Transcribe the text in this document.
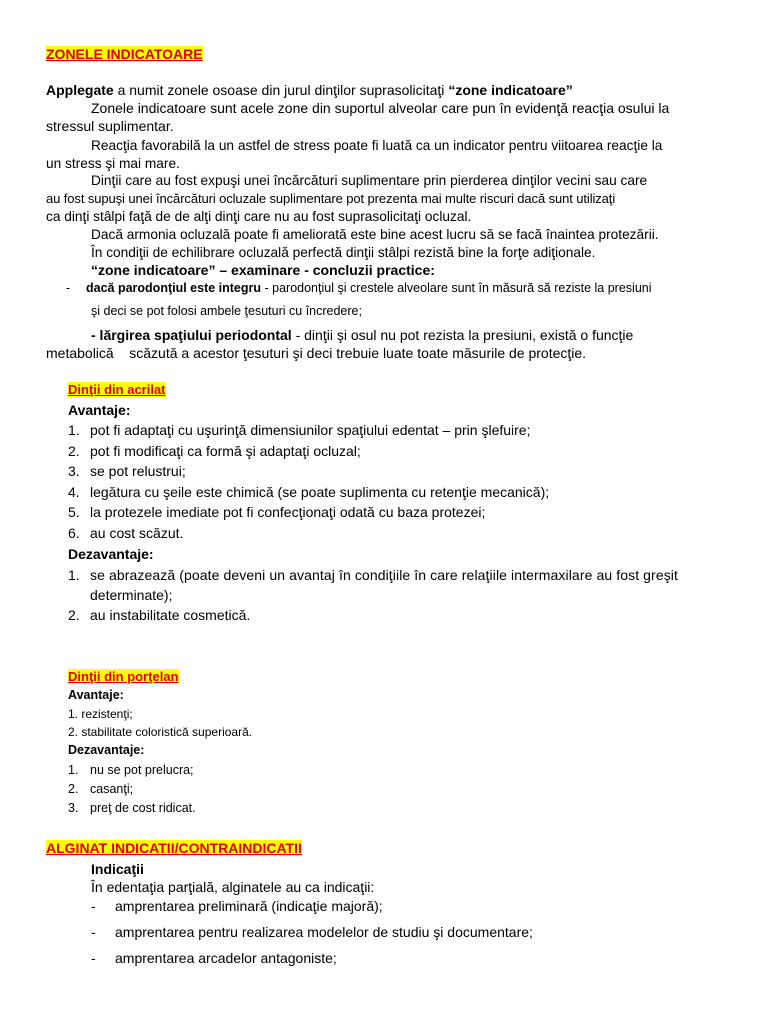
ZONELE INDICATOARE
Applegate a numit zonele osoase din jurul dinţilor suprasolicitaţi “zone indicatoare”
Zonele indicatoare sunt acele zone din suportul alveolar care pun în evidenţă reacţia osului la
stressul suplimentar.
Reacţia favorabilă la un astfel de stress poate fi luată ca un indicator pentru viitoarea reacţie la
un stress şi mai mare.
Dinţii care au fost expuşi unei încărcături suplimentare prin pierderea dinţilor vecini sau care
au fost supuşi unei încărcături ocluzale suplimentare pot prezenta mai multe riscuri dacă sunt utilizaţi
ca dinţi stâlpi faţă de de alţi dinţi care nu au fost suprasolicitaţi ocluzal.
Dacă armonia ocluzală poate fi ameliorată este bine acest lucru să se facă înaintea protezării.
În condiţii de echilibrare ocluzală perfectă dinţii stâlpi rezistă bine la forţe adiţionale.
“zone indicatoare” – examinare - concluzii practice:
- dacă parodonţiul este integru - parodonţiul şi crestele alveolare sunt în măsură să reziste la presiuni
şi deci se pot folosi ambele ţesuturi cu încredere;
- lărgirea spaţiului periodontal - dinţii şi osul nu pot rezista la presiuni, există o funcţie
metabolică    scăzută a acestor ţesuturi şi deci trebuie luate toate măsurile de protecţie.
Dinţii din acrilat
Avantaje:
1. pot fi adaptaţi cu uşurinţă dimensiunilor spaţiului edentat – prin şlefuire;
2. pot fi modificaţi ca formă şi adaptaţi ocluzal;
3. se pot relustrui;
4. legătura cu şeile este chimică (se poate suplimenta cu retenţie mecanică);
5. la protezele imediate pot fi confecţionaţi odată cu baza protezei;
6. au cost scăzut.
Dezavantaje:
1. se abrazează (poate deveni un avantaj în condiţiile în care relaţiile intermaxilare au fost greşit
determinate);
2. au instabilitate cosmetică.
Dinţii din porţelan
Avantaje:
1. rezistenţi;
2. stabilitate coloristică superioară.
Dezavantaje:
1. nu se pot prelucra;
2. casanţi;
3. preţ de cost ridicat.
ALGINAT INDICATII/CONTRAINDICATII
Indicaţii
În edentaţia parţială, alginatele au ca indicaţii:
- amprentarea preliminară (indicaţie majoră);
- amprentarea pentru realizarea modelelor de studiu şi documentare;
- amprentarea arcadelor antagoniste;
